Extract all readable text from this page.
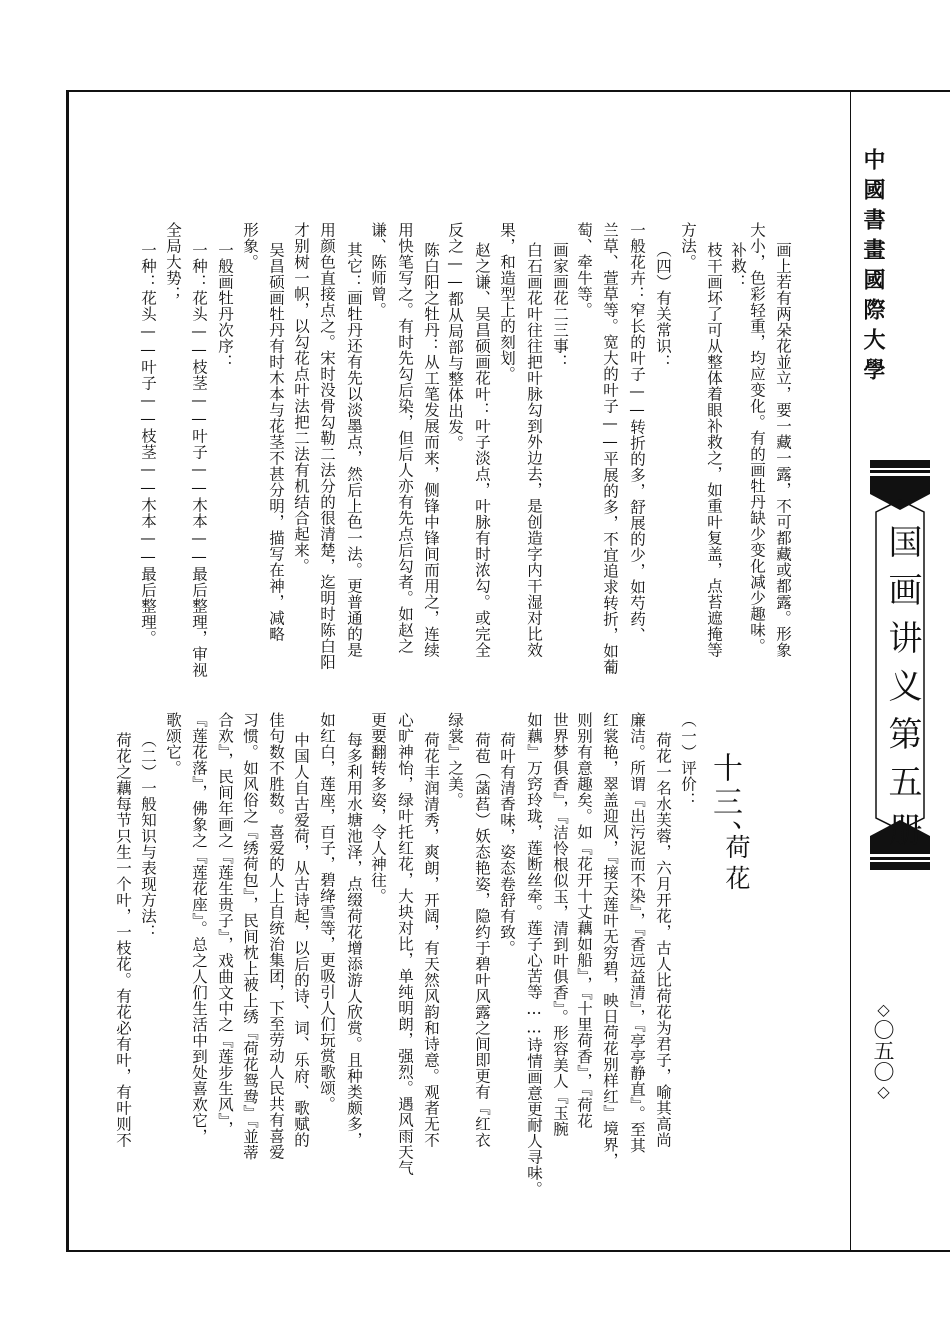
中國書畫國際大學
国画讲义第五册
◇〇五〇◇
十三、
荷花
画上若有两朵花並立，要一藏一露，不可都藏或都露。形象
大小，色彩轻重，均应变化。有的画牡丹缺少变化减少趣味。
补救：
枝干画坏了可从整体着眼补救之，如重叶复盖，点苔遮掩等
方法。
（四）有关常识：
一般花卉：窄长的叶子——转折的多，舒展的少，如芍药、
兰草、萱草等。宽大的叶子——平展的多，不宜追求转折，如葡
萄、牵牛等。
画家画花二三事：
白石画花叶往往把叶脉勾到外边去，是创造字内干湿对比效
果，和造型上的刻划。
赵之谦、吴昌硕画花叶：叶子淡点，叶脉有时浓勾。或完全
反之——都从局部与整体出发。
陈白阳之牡丹：从工笔发展而来，侧锋中锋间而用之，连续
用快笔写之。有时先勾后染，但后人亦有先点后勾者。如赵之
谦、陈师曾。
其它：画牡丹还有先以淡墨点，然后上色一法。更普通的是
用颜色直接点之。宋时没骨勾勒二法分的很清楚，迄明时陈白阳
才别树一帜，以勾花点叶法把二法有机结合起来。
吴昌硕画牡丹有时木本与花茎不甚分明，描写在神，减略
形象。
一般画牡丹次序：
一种：花头——枝茎——叶子——木本——最后整理，审视
全局大势；
一种：花头——叶子——枝茎——木本——最后整理。
（一）评价：
荷花一名水芙蓉，六月开花，古人比荷花为君子，喻其高尚
廉洁。所谓『出污泥而不染』，『香远益清』，『亭亭静直』。至其
红裳艳，翠盖迎风，『接天莲叶无穷碧，映日荷花别样红』境界，
则别有意趣矣。如『花开十丈藕如船』，『十里荷香』，『荷花
世界梦俱香』，『洁怜根似玉，清到叶俱香』。形容美人『玉腕
如藕』万窍玲珑，莲断丝牵。莲子心苦等……诗情画意更耐人寻味。
荷叶有清香味，姿态卷舒有致。
荷苞（菡萏）妖态艳姿，隐约于碧叶风露之间即更有『红衣
绿裳』之美。
荷花丰润清秀，爽朗，开阔，有天然风韵和诗意。观者无不
心旷神怡，绿叶托红花，大块对比，单纯明朗，强烈。遇风雨天气
更要翻转多姿，令人神往。
每多利用水塘池泽，点缀荷花增添游人欣赏。且种类颇多，
如红白，莲座，百子，碧绛雪等，更吸引人们玩赏歌颂。
中国人自古爱荷，从古诗起，以后的诗、词、乐府、歌赋的
佳句数不胜数。喜爱的人上自统治集团，下至劳动人民共有喜爱
习惯。如风俗之『绣荷包』，民间枕上被上绣『荷花鸳鸯』『並蒂
合欢』，民间年画之『莲生贵子』，戏曲文中之『莲步生风』，
『莲花落』，佛象之『莲花座』。总之人们生活中到处喜欢它，
歌颂它。
（二）一般知识与表现方法：
荷花之藕每节只生一个叶，一枝花。有花必有叶，有叶则不
